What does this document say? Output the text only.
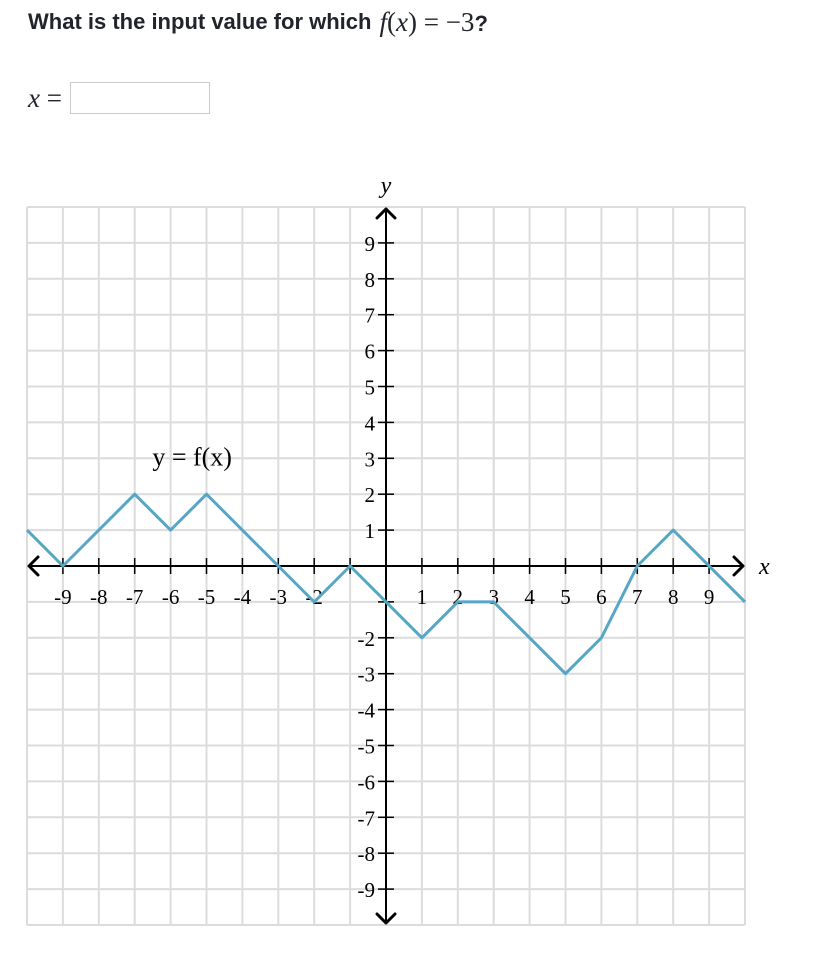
What is the input value for which f(x) = −3?
x =
-9 -8 -7 -6 -5 -4 -3 -2	1 2 3 4 5 6 7 8 9
9
8
7
6
5
4
3
2
1
-2
-3
-4
-5
-6
-7
-8
-9
x
y
y = f(x)
